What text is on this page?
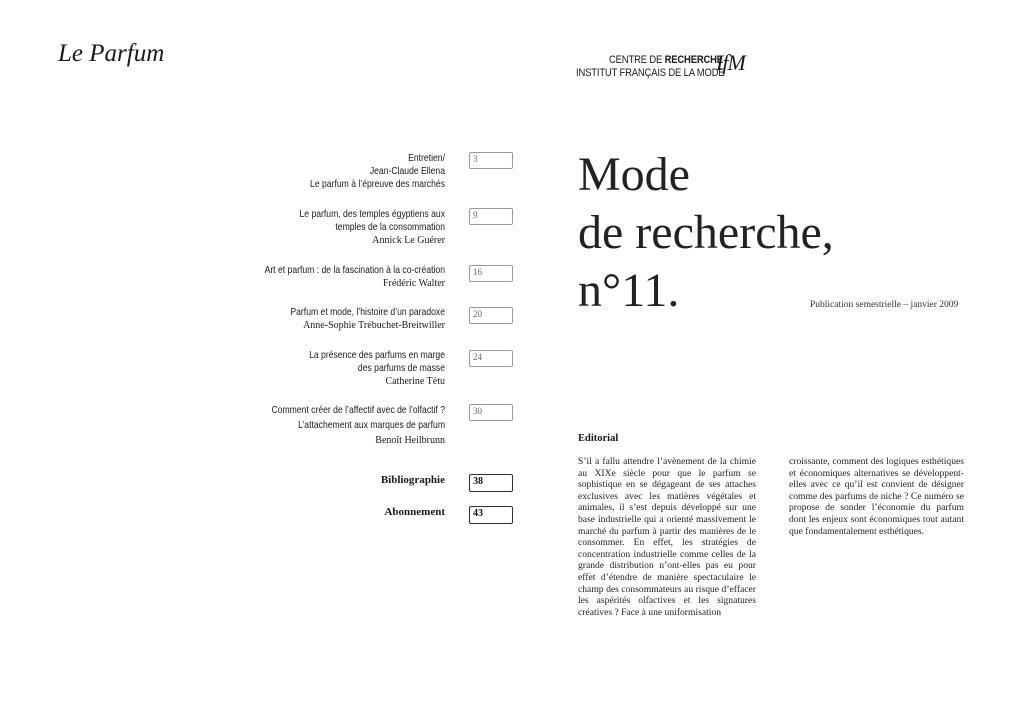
Le Parfum	CENTRE DE RECHERCHE
INSTITUT FRANÇAIS DE LA MODE
IfM
Entretien/
Jean-Claude Ellena
Le parfum à l’épreuve des marchés
3
Le parfum, des temples égyptiens aux
temples de la consommation
Annick Le Guérer
9
Art et parfum : de la fascination à la co-création
Frédéric Walter
16
Parfum et mode, l’histoire d’un paradoxe
Anne-Sophie Trébuchet-Breitwiller
20
La présence des parfums en marge
des parfums de masse
Catherine Tétu
24
Comment créer de l’affectif avec de l’olfactif ?
L’attachement aux marques de parfum
Benoît Heilbrunn
30
Bibliographie	38
Abonnement	43
Mode
de recherche,
n°11.	Publication semestrielle – janvier 2009
Editorial
S’il a fallu attendre l’avènement de la chimie au XIXe siècle pour que le parfum se sophistique en se dégageant de ses attaches exclusives avec les matières végétales et animales, il s’est depuis développé sur une base industrielle qui a orienté massivement le marché du parfum à partir des manières de le consommer. En effet, les stratégies de concentration industrielle comme celles de la grande distribution n’ont-elles pas eu pour effet d’étendre de manière spectaculaire le champ des consommateurs au risque d’effacer les aspérités olfactives et les signatures créatives ? Face à une uniformisation
croissante, comment des logiques esthétiques et économiques alternatives se développent-elles avec ce qu’il est convient de désigner comme des parfums de niche ? Ce numéro se propose de sonder l’économie du parfum dont les enjeux sont économiques tout autant que fondamentalement esthétiques.
